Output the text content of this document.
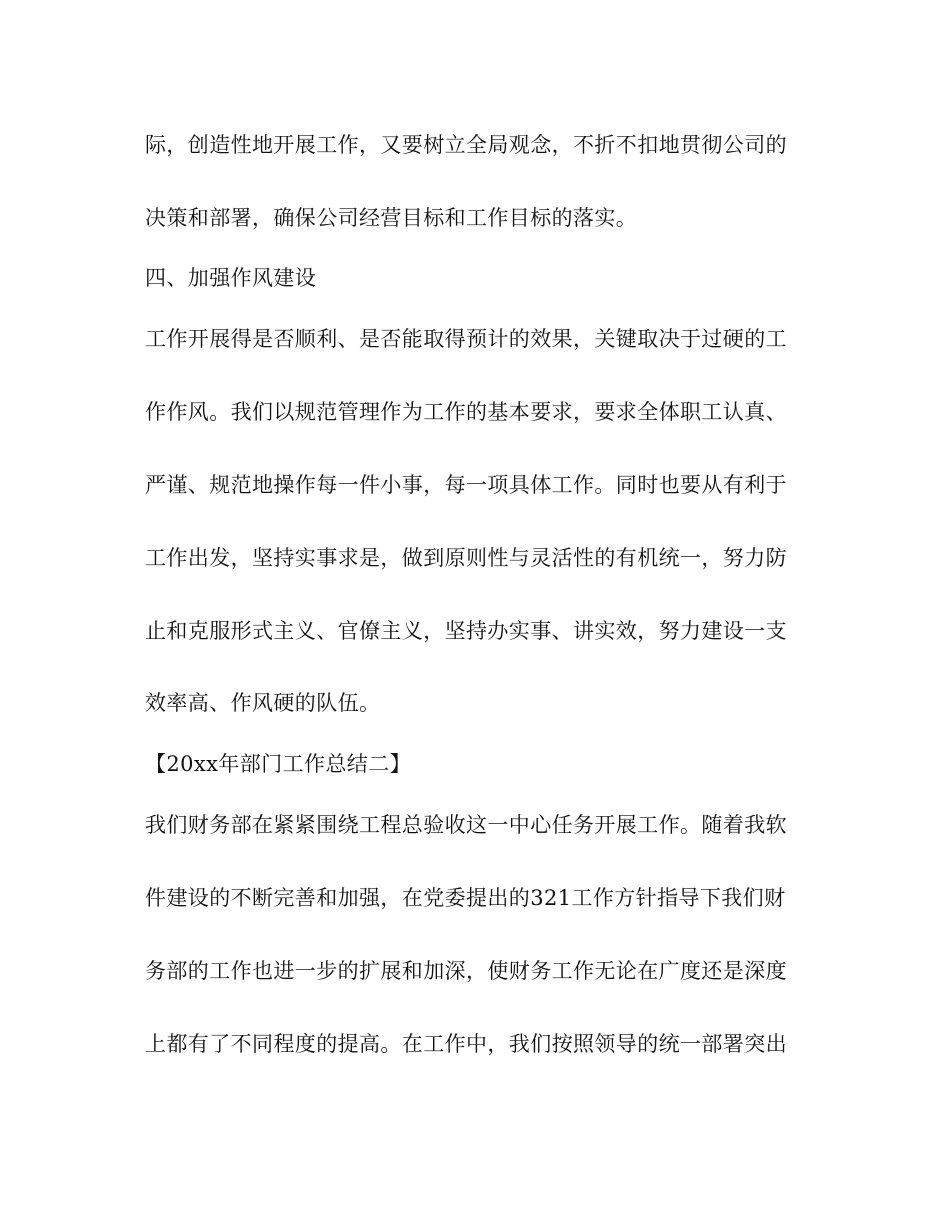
际，创造性地开展工作，又要树立全局观念，不折不扣地贯彻公司的
决策和部署，确保公司经营目标和工作目标的落实。
四、加强作风建设
工作开展得是否顺利、是否能取得预计的效果，关键取决于过硬的工
作作风。我们以规范管理作为工作的基本要求，要求全体职工认真、
严谨、规范地操作每一件小事，每一项具体工作。同时也要从有利于
工作出发，坚持实事求是，做到原则性与灵活性的有机统一，努力防
止和克服形式主义、官僚主义，坚持办实事、讲实效，努力建设一支
效率高、作风硬的队伍。
【20xx年部门工作总结二】
我们财务部在紧紧围绕工程总验收这一中心任务开展工作。随着我软
件建设的不断完善和加强，在党委提出的321工作方针指导下我们财
务部的工作也进一步的扩展和加深，使财务工作无论在广度还是深度
上都有了不同程度的提高。在工作中，我们按照领导的统一部署突出
